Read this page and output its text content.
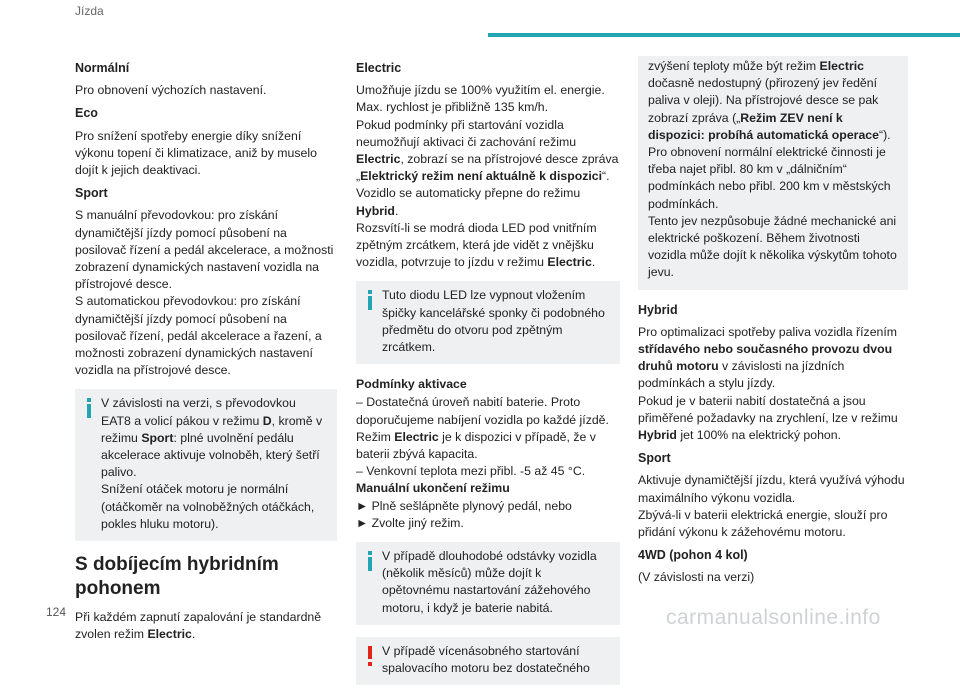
Jízda
Normální

Pro obnovení výchozích nastavení.

Eco

Pro snížení spotřeby energie díky snížení výkonu topení či klimatizace, aniž by muselo dojít k jejich deaktivaci.

Sport

S manuální převodovkou: pro získání dynamičtější jízdy pomocí působení na posilovač řízení a pedál akcelerace, a možnosti zobrazení dynamických nastavení vozidla na přístrojové desce.

S automatickou převodovkou: pro získání dynamičtější jízdy pomocí působení na posilovač řízení, pedál akcelerace a řazení, a možnosti zobrazení dynamických nastavení vozidla na přístrojové desce.

V závislosti na verzi, s převodovkou EAT8 a volicí pákou v režimu D, kromě v režimu Sport: plné uvolnění pedálu akcelerace aktivuje volnoběh, který šetří palivo.
Snížení otáček motoru je normální (otáčkoměr na volnoběžných otáčkách, pokles hluku motoru).
S dobíjecím hybridním pohonem

Při každém zapnutí zapalování je standardně zvolen režim Electric.

Electric

Umožňuje jízdu se 100% využitím el. energie.

Max. rychlost je přibližně 135 km/h.

Pokud podmínky při startování vozidla neumožňují aktivaci či zachování režimu Electric, zobrazí se na přístrojové desce zpráva „Elektrický režim není aktuálně k dispozici“.

Vozidlo se automaticky přepne do režimu Hybrid.

Rozsvítí-li se modrá dioda LED pod vnitřním zpětným zrcátkem, která jde vidět z vnějšku vozidla, potvrzuje to jízdu v režimu Electric.

Tuto diodu LED lze vypnout vložením špičky kancelářské sponky či podobného předmětu do otvoru pod zpětným zrcátkem.
Podmínky aktivace

– Dostatečná úroveň nabití baterie. Proto doporučujeme nabíjení vozidla po každé jízdě.

Režim Electric je k dispozici v případě, že v baterii zbývá kapacita.

– Venkovní teplota mezi přibl. -5 až 45 °C.

Manuální ukončení režimu

► Plně sešlápněte plynový pedál, nebo

► Zvolte jiný režim.

V případě dlouhodobé odstávky vozidla (několik měsíců) může dojít k opětovnému nastartování zážehového motoru, i když je baterie nabitá.
V případě vícenásobného startování spalovacího motoru bez dostatečného
zvýšení teploty může být režim Electric dočasně nedostupný (přirozený jev ředění paliva v oleji). Na přístrojové desce se pak zobrazí zpráva („Režim ZEV není k dispozici: probíhá automatická operace“).
Pro obnovení normální elektrické činnosti je třeba najet přibl. 80 km v „dálničním“ podmínkách nebo přibl. 200 km v městských podmínkách.
Tento jev nezpůsobuje žádné mechanické ani elektrické poškození. Během životnosti vozidla může dojít k několika výskytům tohoto jevu.
Hybrid

Pro optimalizaci spotřeby paliva vozidla řízením střídavého nebo současného provozu dvou druhů motoru v závislosti na jízdních podmínkách a stylu jízdy.

Pokud je v baterii nabití dostatečná a jsou přiměřené požadavky na zrychlení, lze v režimu Hybrid jet 100% na elektrický pohon.

Sport

Aktivuje dynamičtější jízdu, která využívá výhodu maximálního výkonu vozidla.

Zbývá-li v baterii elektrická energie, slouží pro přidání výkonu k zážehovému motoru.

4WD (pohon 4 kol)

(V závislosti na verzi)

124	carmanualsonline.info
